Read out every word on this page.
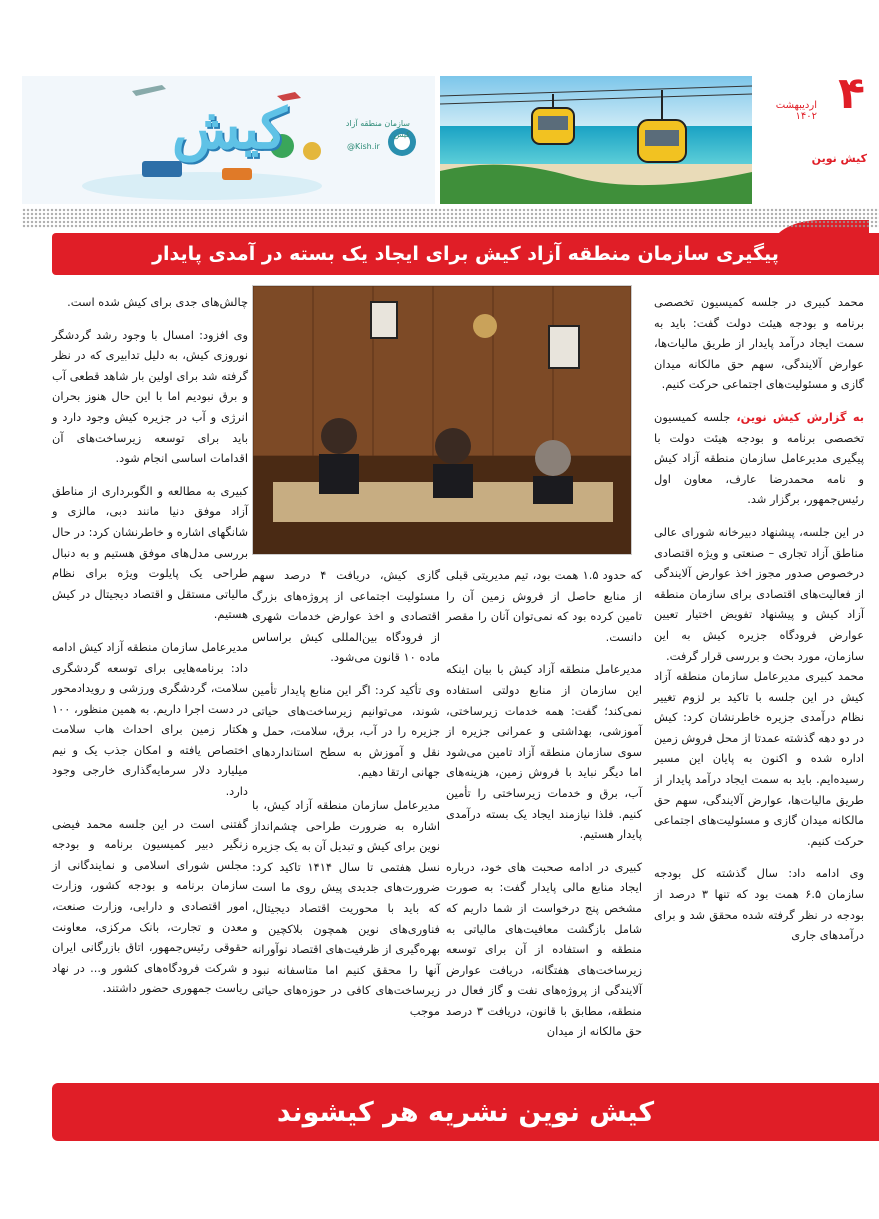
کیش	سازمان منطقه آزاد کیش
@Kish.ir
۴
اردیبهشت ۱۴۰۲
کیش نوین
پیگیری سازمان منطقه آزاد کیش برای ایجاد یک بسته در آمدی پایدار

محمد کبیری در جلسه کمیسیون تخصصی برنامه و بودجه هیئت دولت گفت: باید به سمت ایجاد درآمد پایدار از طریق مالیات‌ها، عوارض آلایندگی، سهم حق مالکانه میدان گازی و مسئولیت‌های اجتماعی حرکت کنیم.

به گزارش کیش نوین، جلسه کمیسیون تخصصی برنامه و بودجه هیئت دولت با پیگیری مدیرعامل سازمان منطقه آزاد کیش و نامه محمدرضا عارف، معاون اول رئیس‌جمهور، برگزار شد.

در این جلسه، پیشنهاد دبیرخانه شورای عالی مناطق آزاد تجاری – صنعتی و ویژه اقتصادی درخصوص صدور مجوز اخذ عوارض آلایندگی از فعالیت‌های اقتصادی برای سازمان منطقه آزاد کیش و پیشنهاد تفویض اختیار تعیین عوارض فرودگاه جزیره کیش به این سازمان، مورد بحث و بررسی قرار گرفت.

محمد کبیری مدیرعامل سازمان منطقه آزاد کیش در این جلسه با تاکید بر لزوم تغییر نظام درآمدی جزیره خاطرنشان کرد: کیش در دو دهه گذشته عمدتا از محل فروش زمین اداره شده و اکنون به پایان این مسیر رسیده‌ایم. باید به سمت ایجاد درآمد پایدار از طریق مالیات‌ها، عوارض آلایندگی، سهم حق مالکانه میدان گازی و مسئولیت‌های اجتماعی حرکت کنیم.

وی ادامه داد: سال گذشته کل بودجه سازمان ۶.۵ همت بود که تنها ۳ درصد از بودجه در نظر گرفته شده محقق شد و برای درآمدهای جاری

که حدود ۱.۵ همت بود، تیم مدیریتی قبلی از منابع حاصل از فروش زمین آن را تامین کرده بود که نمی‌توان آنان را مقصر دانست.

مدیرعامل منطقه آزاد کیش با بیان اینکه این سازمان از منابع دولتی استفاده نمی‌کند؛ گفت: همه خدمات زیرساختی، آموزشی، بهداشتی و عمرانی جزیره از سوی سازمان منطقه آزاد تامین می‌شود اما دیگر نباید با فروش زمین، هزینه‌های آب، برق و خدمات زیرساختی را تأمین کنیم. فلذا نیازمند ایجاد یک بسته درآمدی پایدار هستیم.

کبیری در ادامه صحبت های خود، درباره ایجاد منابع مالی پایدار گفت: به صورت مشخص پنج درخواست از شما داریم که شامل بازگشت معافیت‌های مالیاتی به منطقه و استفاده از آن برای توسعه زیرساخت‌های هفتگانه، دریافت عوارض آلایندگی از پروژه‌های نفت و گاز فعال در منطقه، مطابق با قانون، دریافت ۳ درصد حق مالکانه از میدان

گازی کیش، دریافت ۴ درصد سهم مسئولیت اجتماعی از پروژه‌های بزرگ اقتصادی و اخذ عوارض خدمات شهری از فرودگاه بین‌المللی کیش براساس ماده ۱۰ قانون می‌شود.

وی تأکید کرد: اگر این منابع پایدار تأمین شوند، می‌توانیم زیرساخت‌های حیاتی جزیره را در آب، برق، سلامت، حمل و نقل و آموزش به سطح استانداردهای جهانی ارتقا دهیم.

مدیرعامل سازمان منطقه آزاد کیش، با اشاره به ضرورت طراحی چشم‌انداز نوین برای کیش و تبدیل آن به یک جزیره نسل هفتمی تا سال ۱۴۱۴ تاکید کرد: ضرورت‌های جدیدی پیش روی ما است که باید با محوریت اقتصاد دیجیتال، فناوری‌های نوین همچون بلاکچین و بهره‌گیری از ظرفیت‌های اقتصاد نوآورانه آنها را محقق کنیم اما متاسفانه نبود زیرساخت‌های کافی در حوزه‌های حیاتی موجب

چالش‌های جدی برای کیش شده است.

وی افزود: امسال با وجود رشد گردشگر نوروزی کیش، به دلیل تدابیری که در نظر گرفته شد برای اولین بار شاهد قطعی آب و برق نبودیم اما با این حال هنوز بحران انرژی و آب در جزیره کیش وجود دارد و باید برای توسعه زیرساخت‌های آن اقدامات اساسی انجام شود.

کبیری به مطالعه و الگوبرداری از مناطق آزاد موفق دنیا مانند دبی، مالزی و شانگهای اشاره و خاطرنشان کرد: در حال بررسی مدل‌های موفق هستیم و به دنبال طراحی یک پایلوت ویژه برای نظام مالیاتی مستقل و اقتصاد دیجیتال در کیش هستیم.

مدیرعامل سازمان منطقه آزاد کیش ادامه داد: برنامه‌هایی برای توسعه گردشگری سلامت، گردشگری ورزشی و رویدادمحور در دست اجرا داریم. به همین منظور، ۱۰۰ هکتار زمین برای احداث هاب سلامت اختصاص یافته و امکان جذب یک و نیم میلیارد دلار سرمایه‌گذاری خارجی وجود دارد.

گفتنی است در این جلسه محمد فیضی زنگیر دبیر کمیسیون برنامه و بودجه مجلس شورای اسلامی و نمایندگانی از سازمان برنامه و بودجه کشور، وزارت امور اقتصادی و دارایی، وزارت صنعت، معدن و تجارت، بانک مرکزی، معاونت حقوقی رئیس‌جمهور، اتاق بازرگانی ایران و شرکت فرودگاه‌های کشور و... در نهاد ریاست جمهوری حضور داشتند.

کیش نوین نشریه هر کیشوند
